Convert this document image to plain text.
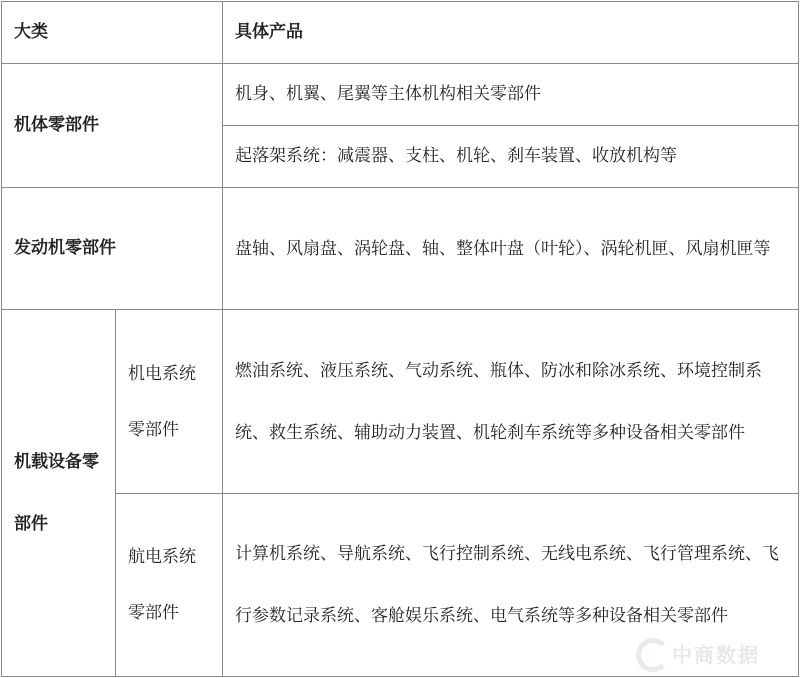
大类		具体产品
机体零部件		机身、机翼、尾翼等主体机构相关零部件
		起落架系统：减震器、支柱、机轮、刹车装置、收放机构等
发动机零部件		盘轴、风扇盘、涡轮盘、轴、整体叶盘（叶轮）、涡轮机匣、风扇机匣等
机载设备零部件	机电系统零部件	燃油系统、液压系统、气动系统、瓶体、防冰和除冰系统、环境控制系统、救生系统、辅助动力装置、机轮刹车系统等多种设备相关零部件
	航电系统零部件	计算机系统、导航系统、飞行控制系统、无线电系统、飞行管理系统、飞行参数记录系统、客舱娱乐系统、电气系统等多种设备相关零部件
中商数据
